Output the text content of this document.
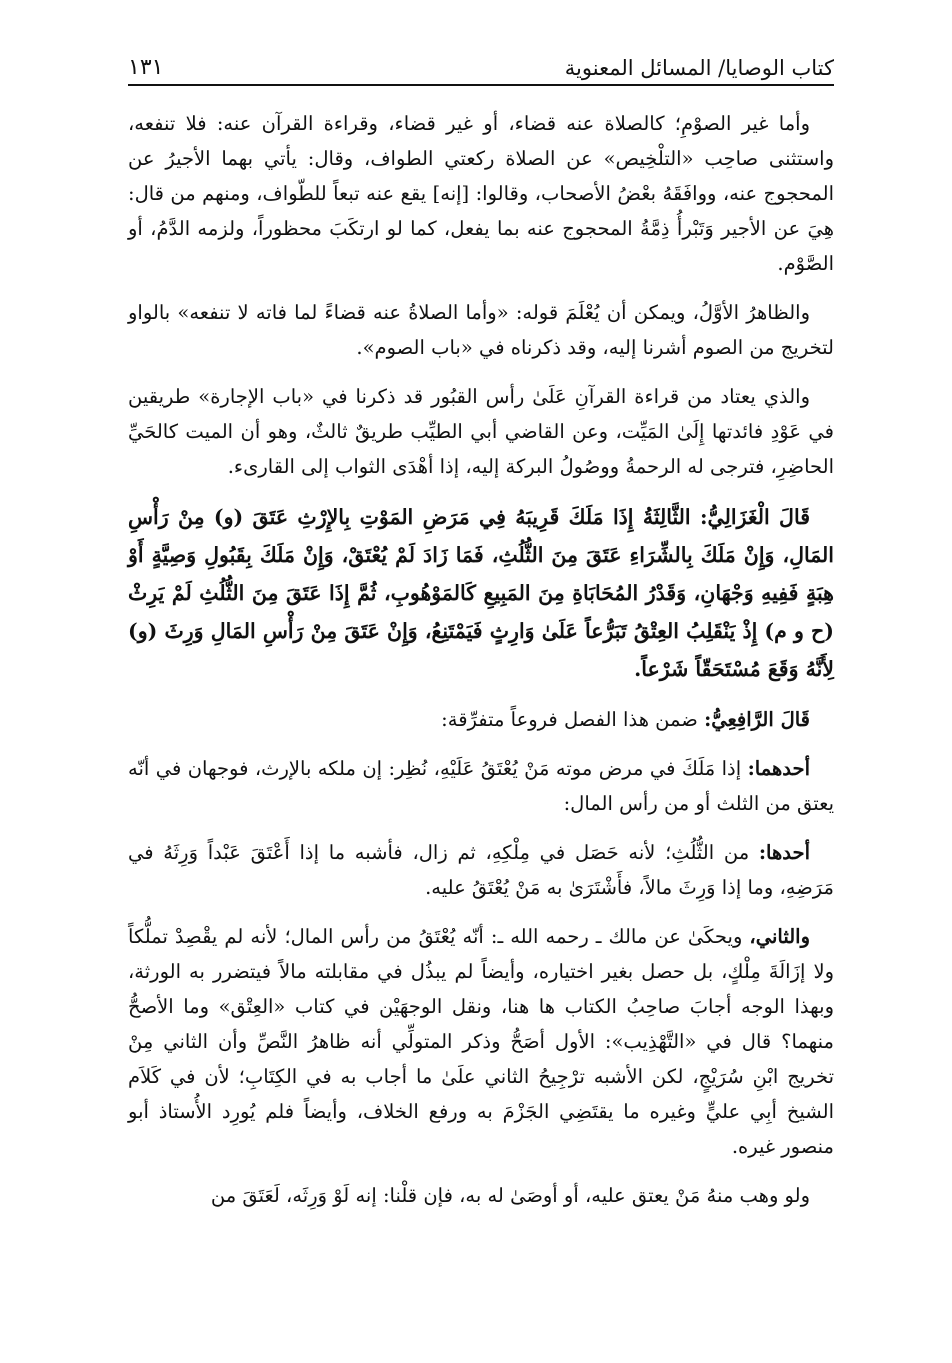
كتاب الوصايا/ المسائل المعنوية
١٣١

وأما غير الصوْمِ؛ كالصلاة عنه قضاء، أو غير قضاء، وقراءة القرآن عنه: فلا تنفعه، واستثنى صاحِب «التلْخِيص» عن الصلاة ركعتي الطواف، وقال: يأتي بهما الأجيرُ عن المحجوج عنه، ووافَقَهُ بعْضُ الأصحاب، وقالوا: [إنه] يقع عنه تبعاً للطّواف، ومنهم من قال: هِيَ عن الأجير وَتَبْرأُ ذِمَّةُ المحجوج عنه بما يفعل، كما لو ارتكَبَ محظوراً، ولزمه الدَّمُ، أو الصَّوْم.

والظاهرُ الأوَّلُ، ويمكن أن يُعْلَمَ قوله: «وأما الصلاةُ عنه قضاءً لما فاته لا تنفعه» بالواو لتخريج من الصوم أشرنا إليه، وقد ذكرناه في «باب الصوم».

والذي يعتاد من قراءة القرآنِ عَلَىٰ رأس القبُور قد ذكرنا في «باب الإجارة» طريقين في عَوْدِ فائدتها إِلَىٰ المَيِّت، وعن القاضي أبي الطيِّب طريقٌ ثالثٌ، وهو أن الميت كالحَيِّ الحاضِرِ، فترجى له الرحمةُ ووصُولُ البركة إليه، إذا أهْدَى الثواب إلى القارىء.

قَالَ الْغَزَالِيُّ: الثَّالِثَةُ إِذَا مَلَكَ قَرِيبَهُ فِي مَرَضِ المَوْتِ بِالإِرْثِ عَتَقَ (و) مِنْ رَأْسِ المَالِ، وَإِنْ مَلَكَ بِالشِّرَاءِ عَتَقَ مِنَ الثُّلُثِ، فَمَا زَادَ لَمْ يُعْتَقْ، وَإِنْ مَلَكَ بِقَبُولِ وَصِيَّةٍ أَوْ هِبَةٍ فَفِيهِ وَجْهَانِ، وَقَدْرُ المُحَابَاةِ مِنَ المَبِيعِ كَالمَوْهُوبِ، ثُمَّ إِذَا عَتَقَ مِنَ الثُّلُثِ لَمْ يَرِثْ (ح و م) إِذْ يَنْقَلِبُ العِتْقُ تَبَرُّعاً عَلَىٰ وَارِثٍ فَيَمْتَنِعُ، وَإِنْ عَتَقَ مِنْ رَأْسِ المَالِ وَرِثَ (و) لِأَنَّهُ وَقَعَ مُسْتَحَقّاً شَرْعاً.

قَالَ الرَّافِعِيُّ: ضمن هذا الفصل فروعاً متفرِّقة:

أحدهما: إذا مَلَكَ في مرض موته مَنْ يُعْتَقُ عَلَيْهِ، نُظِر: إن ملكه بالإرث، فوجهان في أنّه يعتق من الثلث أو من رأس المال:

أحدها: من الثُّلُثِ؛ لأنه حَصَل في مِلْكِهِ، ثم زال، فأشبه ما إذا أَعْتَقَ عَبْداً وَرِثَهُ في مَرَضِهِ، وما إذا وَرِثَ مالاً، فأَشْتَرَىٰ به مَنْ يُعْتَقُ عليه.

والثاني، ويحكَىٰ عن مالك ـ رحمه الله ـ: أنّه يُعْتَقُ من رأس المال؛ لأنه لم يقْصِدْ تملُّكاً ولا إزَالَةَ مِلْكٍ، بل حصل بغير اختياره، وأيضاً لم يبذُل في مقابلته مالاً فيتضرر به الورثة، وبهذا الوجه أجابَ صاحِبُ الكتاب ها هنا، ونقل الوجهَيْن في كتاب «العِتْق» وما الأصحُّ منهما؟ قال في «التَّهْذِيب»: الأول أصَحُّ وذكر المتولِّي أنه ظاهرُ النَّصِّ وأن الثاني مِنْ تخريج ابْنِ سُرَيْجٍ، لكن الأشبه ترْجِيحُ الثاني علَىٰ ما أجاب به في الكِتَابِ؛ لأن في كَلاَم الشيخ أبِي عليٍّ وغيره ما يقتَضِي الجَزْمَ به ورفع الخلاف، وأيضاً فلم يُورِد الأُستاذ أبو منصور غيره.

ولو وهب منهُ مَنْ يعتق عليه، أو أوصَىٰ له به، فإن قلْنا: إنه لَوْ وَرِثَه، لَعَتَقَ من
